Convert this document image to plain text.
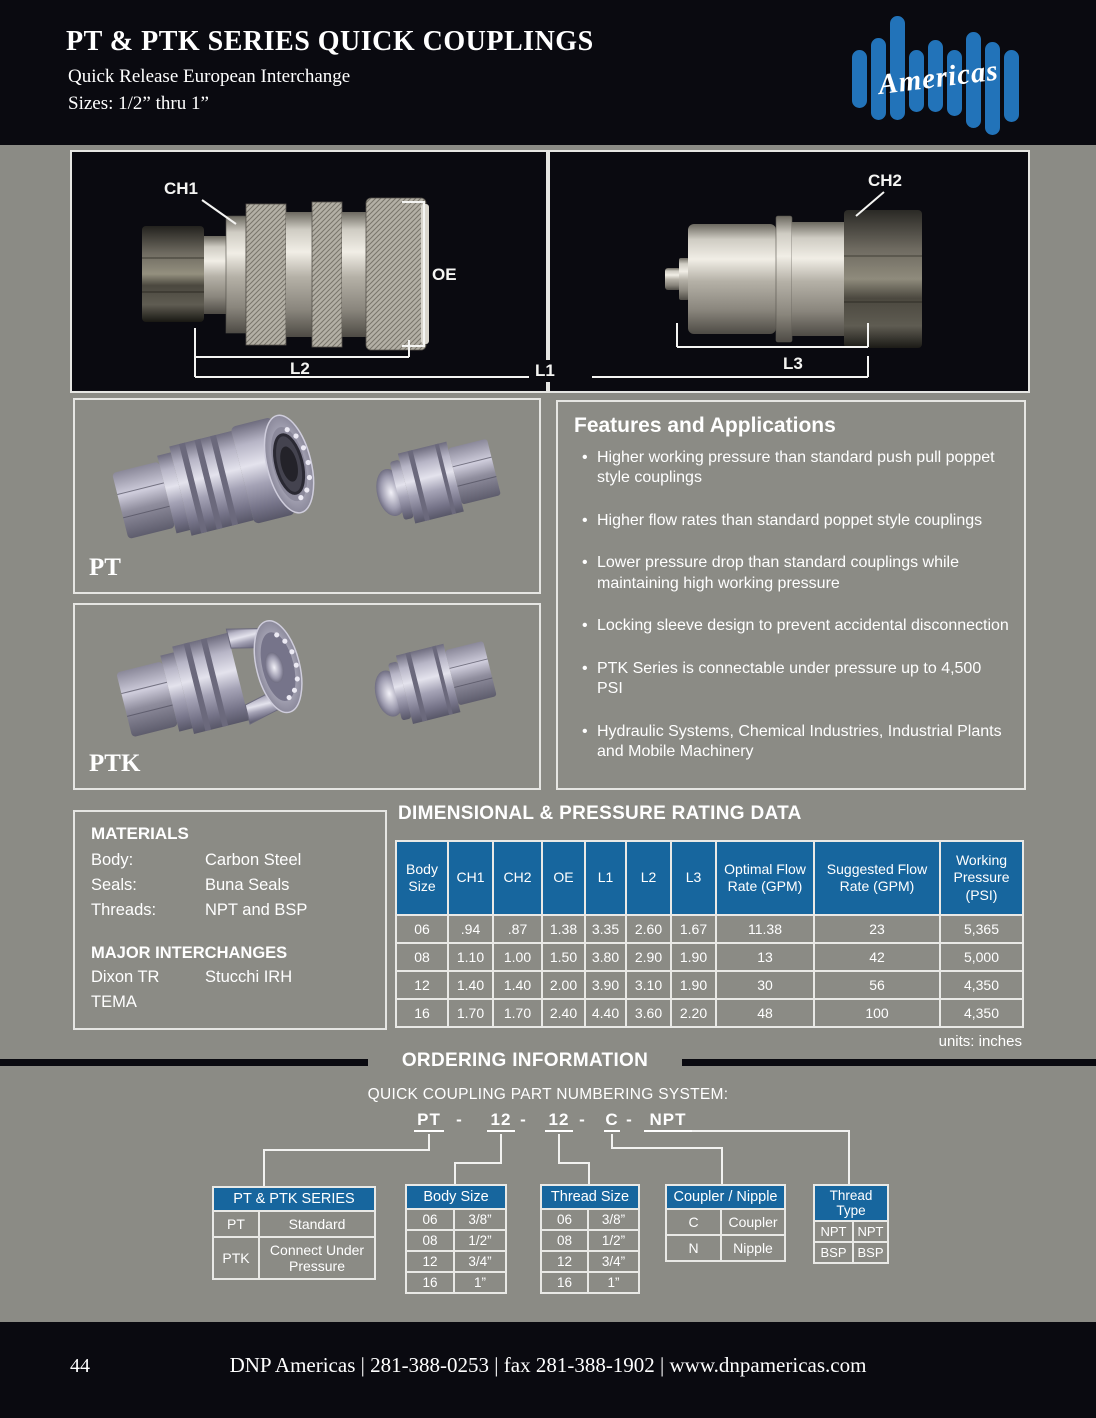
PT & PTK SERIES QUICK COUPLINGS
Quick Release European Interchange
Sizes: 1/2” thru 1”
Americas
CH1
OE
L2
CH2
L3
L1
PT
PTK
Features and Applications
• Higher working pressure than standard push pull poppet style couplings
• Higher flow rates than standard poppet style couplings
• Lower pressure drop than standard couplings while maintaining high working pressure
• Locking sleeve design to prevent accidental disconnection
• PTK Series is connectable under pressure up to 4,500 PSI
• Hydraulic Systems, Chemical Industries, Industrial Plants and Mobile Machinery
MATERIALS
Body:	Carbon Steel
Seals:	Buna Seals
Threads:	NPT and BSP
MAJOR INTERCHANGES
Dixon TR	Stucchi IRH
TEMA
DIMENSIONAL & PRESSURE RATING DATA
Body Size	CH1	CH2	OE	L1	L2	L3	Optimal Flow Rate (GPM)	Suggested Flow Rate (GPM)	Working Pressure (PSI)
06	.94	.87	1.38	3.35	2.60	1.67	11.38	23	5,365
08	1.10	1.00	1.50	3.80	2.90	1.90	13	42	5,000
12	1.40	1.40	2.00	3.90	3.10	1.90	30	56	4,350
16	1.70	1.70	2.40	4.40	3.60	2.20	48	100	4,350
units: inches
ORDERING INFORMATION
QUICK COUPLING PART NUMBERING SYSTEM:
PT - 12 - 12 - C -	NPT
PT & PTK SERIES	
PT	Standard
PTK	Connect Under Pressure
Body Size	
06	3/8”
08	1/2”
12	3/4”
16	1”
Thread Size	
06	3/8”
08	1/2”
12	3/4”
16	1”
Coupler / Nipple	
C	Coupler
N	Nipple
Thread Type	
NPT	NPT
BSP	BSP
44	DNP Americas | 281-388-0253 | fax 281-388-1902 | www.dnpamericas.com
